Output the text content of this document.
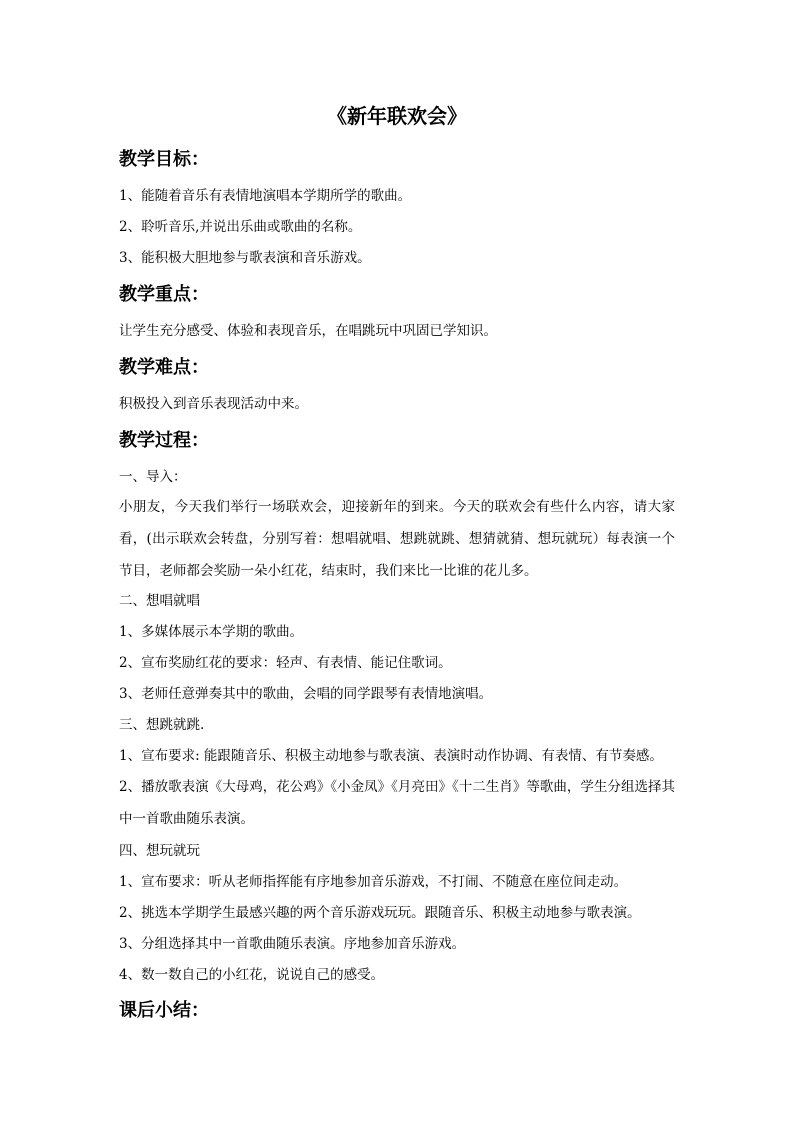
《新年联欢会》
教学目标：
1、能随着音乐有表情地演唱本学期所学的歌曲。
2、聆听音乐,并说出乐曲或歌曲的名称。
3、能积极大胆地参与歌表演和音乐游戏。
教学重点：
让学生充分感受、体验和表现音乐，在唱跳玩中巩固已学知识。
教学难点：
积极投入到音乐表现活动中来。
教学过程：
一、导入：
小朋友，今天我们举行一场联欢会，迎接新年的到来。今天的联欢会有些什么内容，请大家看，(出示联欢会转盘，分别写着：想唱就唱、想跳就跳、想猜就猜、想玩就玩）每表演一个节目，老师都会奖励一朵小红花，结束时，我们来比一比谁的花儿多。
二、想唱就唱
1、多媒体展示本学期的歌曲。
2、宣布奖励红花的要求：轻声、有表情、能记住歌词。
3、老师任意弹奏其中的歌曲，会唱的同学跟琴有表情地演唱。
三、想跳就跳.
1、宣布要求: 能跟随音乐、积极主动地参与歌表演、表演时动作协调、有表情、有节奏感。
2、播放歌表演《大母鸡，花公鸡》《小金凤》《月亮田》《十二生肖》等歌曲，学生分组选择其中一首歌曲随乐表演。
四、想玩就玩
1、宣布要求：听从老师指挥能有序地参加音乐游戏，不打闹、不随意在座位间走动。
2、挑选本学期学生最感兴趣的两个音乐游戏玩玩。跟随音乐、积极主动地参与歌表演。
3、分组选择其中一首歌曲随乐表演。序地参加音乐游戏。
4、数一数自己的小红花，说说自己的感受。
课后小结：
